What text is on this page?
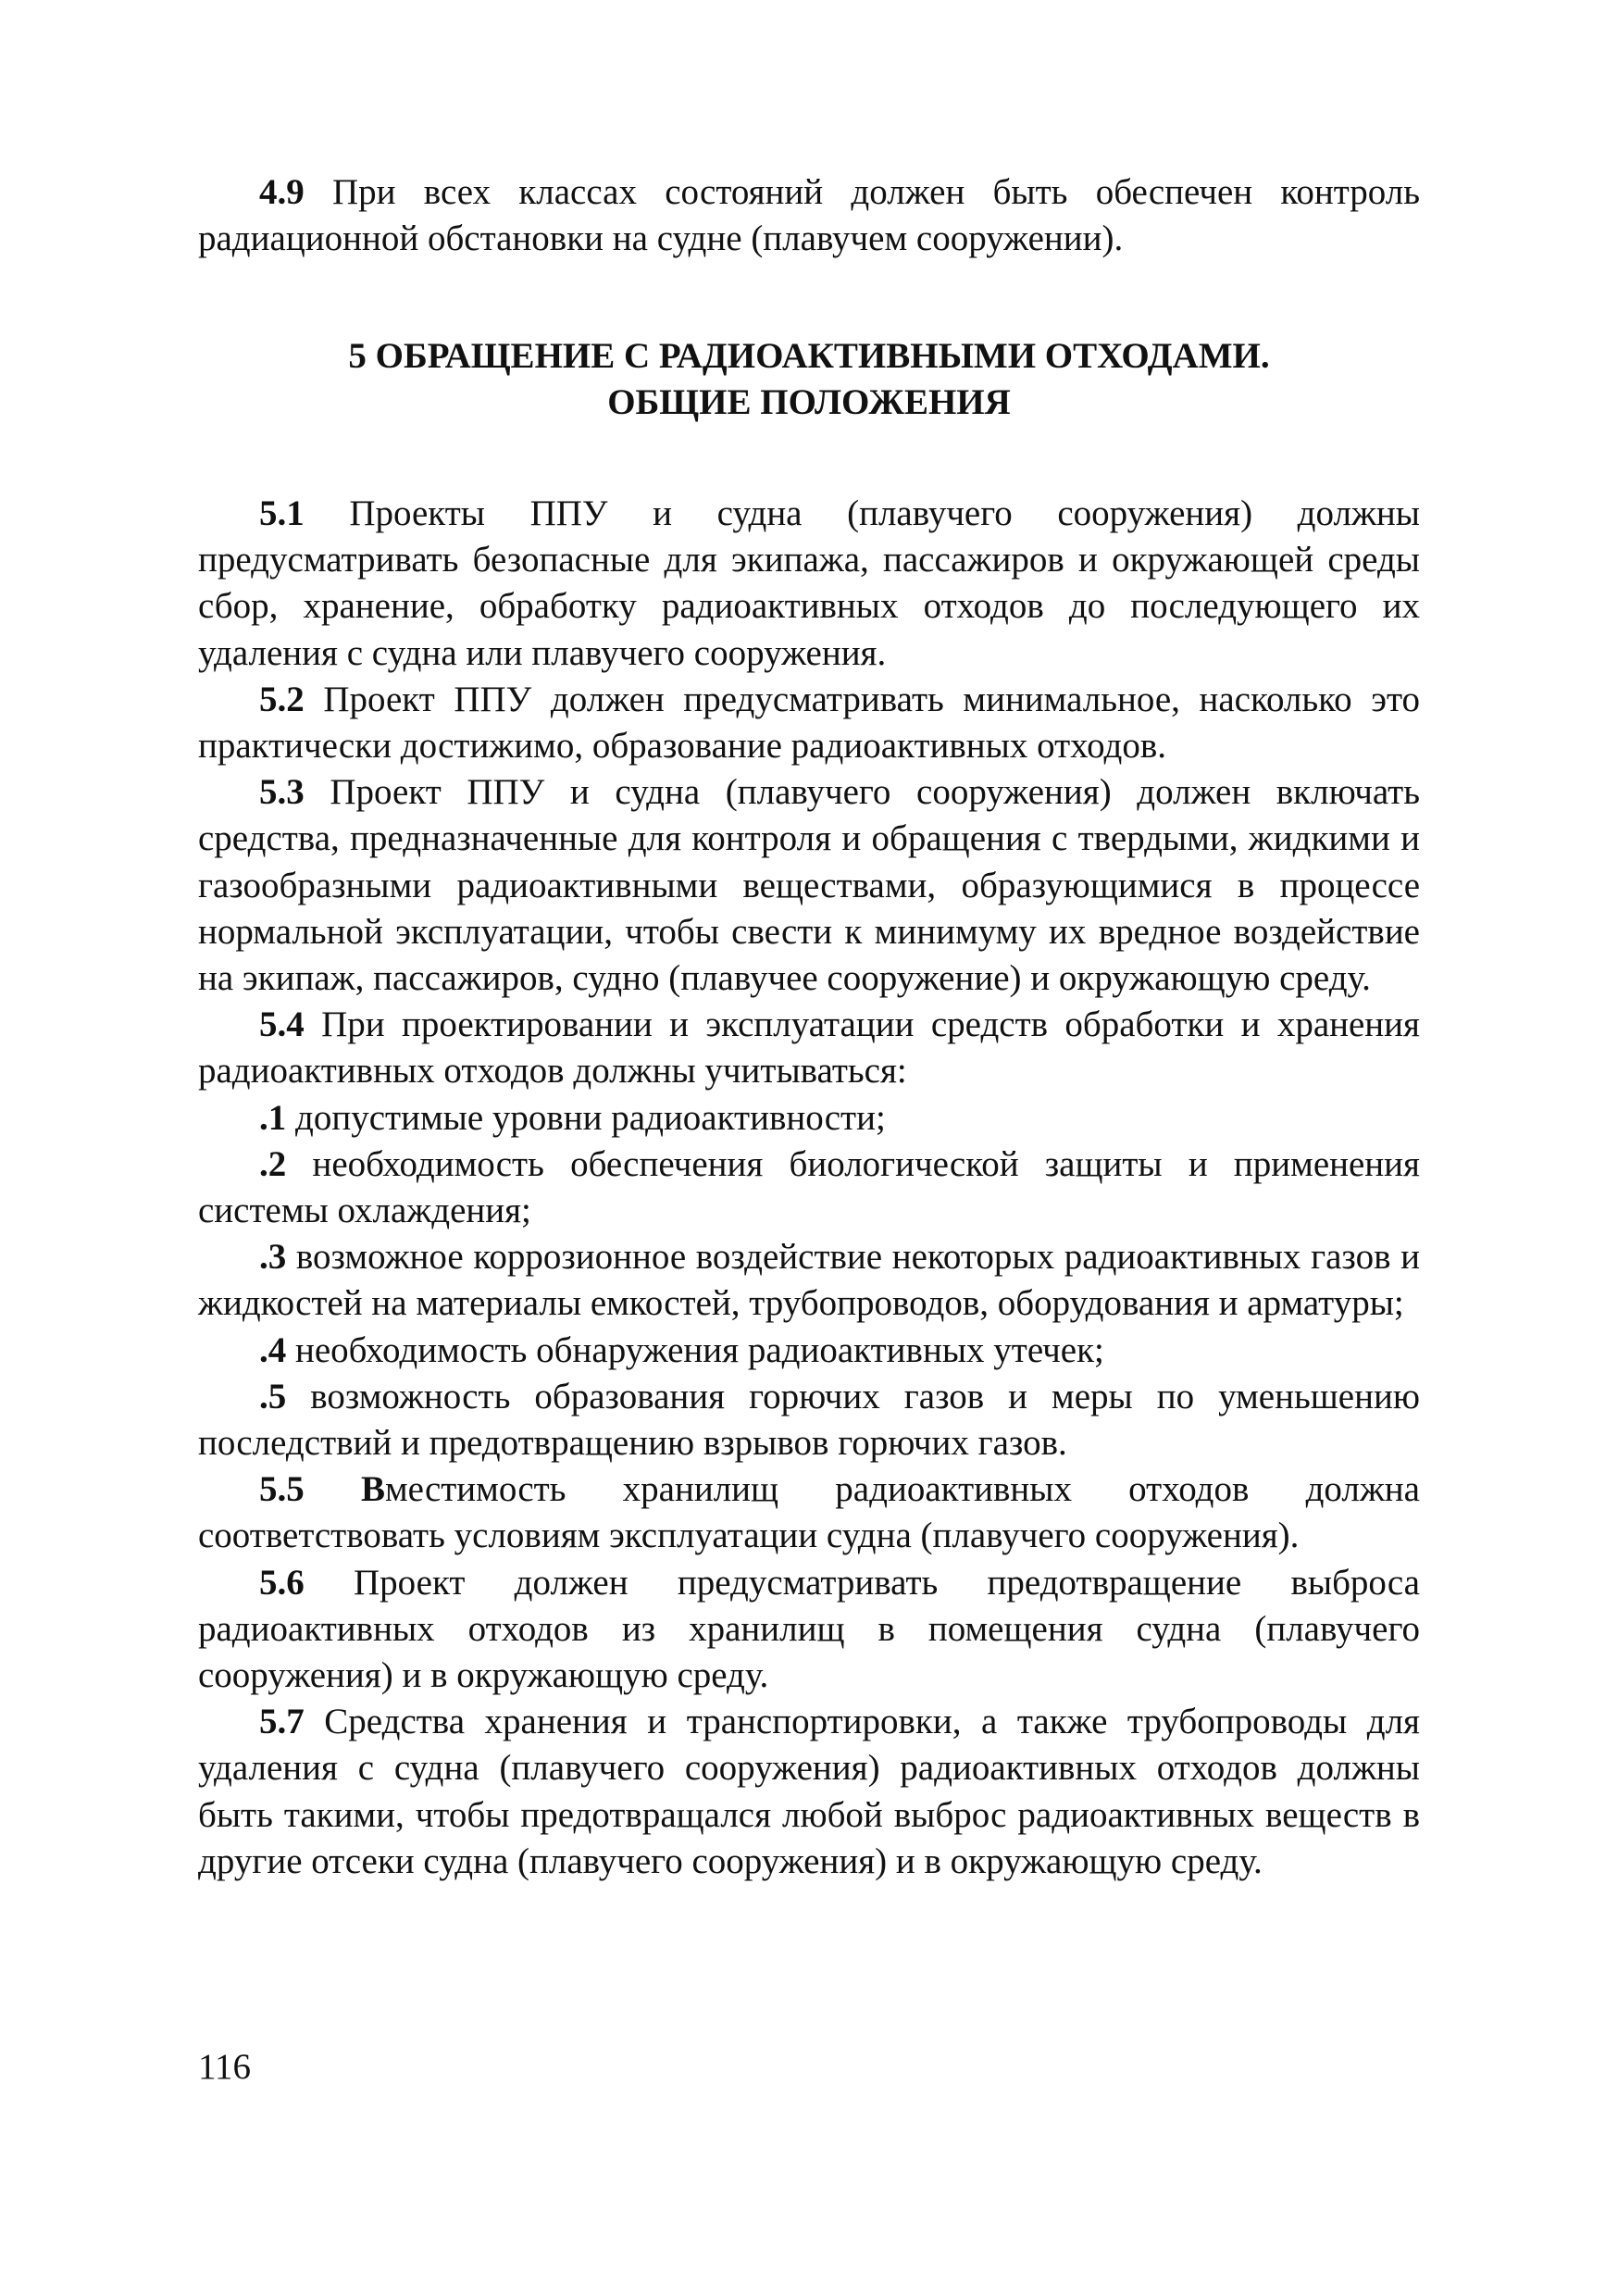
4.9 При всех классах состояний должен быть обеспечен контроль радиационной обстановки на судне (плавучем сооружении).

5 ОБРАЩЕНИЕ С РАДИОАКТИВНЫМИ ОТХОДАМИ.
ОБЩИЕ ПОЛОЖЕНИЯ

5.1 Проекты ППУ и судна (плавучего сооружения) должны предусматривать безопасные для экипажа, пассажиров и окружающей среды сбор, хранение, обработку радиоактивных отходов до последующего их удаления с судна или плавучего сооружения.

5.2 Проект ППУ должен предусматривать минимальное, насколько это практически достижимо, образование радиоактивных отходов.

5.3 Проект ППУ и судна (плавучего сооружения) должен включать средства, предназначенные для контроля и обращения с твердыми, жидкими и газообразными радиоактивными веществами, образующимися в процессе нормальной эксплуатации, чтобы свести к минимуму их вредное воздействие на экипаж, пассажиров, судно (плавучее сооружение) и окружающую среду.

5.4 При проектировании и эксплуатации средств обработки и хранения радиоактивных отходов должны учитываться:

.1 допустимые уровни радиоактивности;

.2 необходимость обеспечения биологической защиты и применения системы охлаждения;

.3 возможное коррозионное воздействие некоторых радиоактивных газов и жидкостей на материалы емкостей, трубопроводов, оборудования и арматуры;

.4 необходимость обнаружения радиоактивных утечек;

.5 возможность образования горючих газов и меры по уменьшению последствий и предотвращению взрывов горючих газов.

5.5 Вместимость хранилищ радиоактивных отходов должна соответствовать условиям эксплуатации судна (плавучего сооружения).

5.6 Проект должен предусматривать предотвращение выброса радиоактивных отходов из хранилищ в помещения судна (плавучего сооружения) и в окружающую среду.

5.7 Средства хранения и транспортировки, а также трубопроводы для удаления с судна (плавучего сооружения) радиоактивных отходов должны быть такими, чтобы предотвращался любой выброс радиоактивных веществ в другие отсеки судна (плавучего сооружения) и в окружающую среду.

116
